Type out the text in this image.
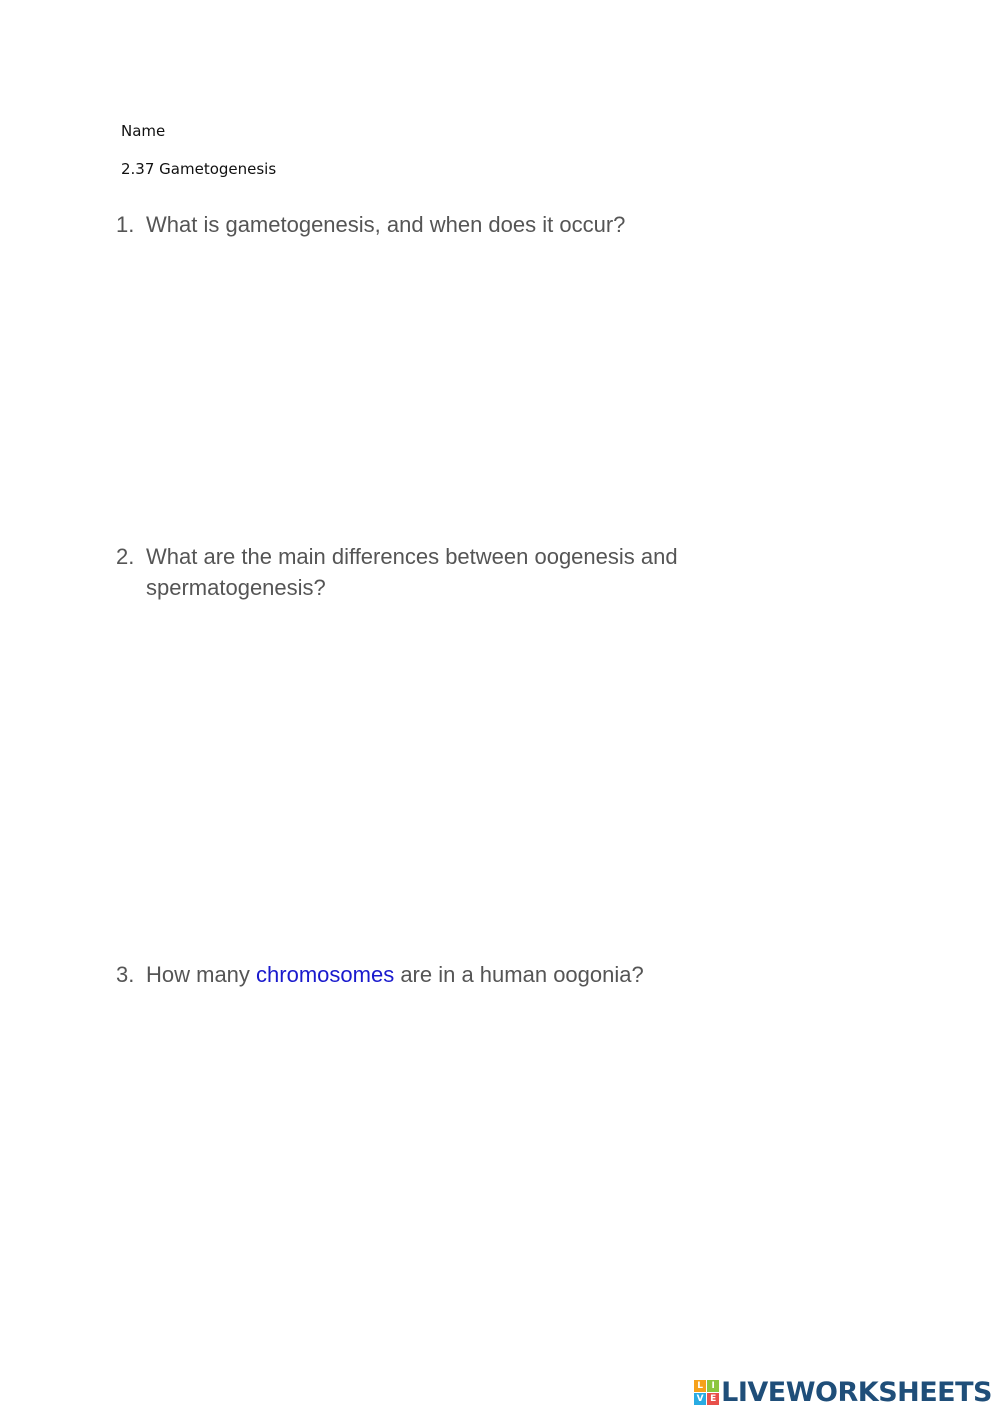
Name
2.37 Gametogenesis
1. What is gametogenesis, and when does it occur?
2. What are the main differences between oogenesis and spermatogenesis?
3. How many chromosomes are in a human oogonia?
L I
V E LIVEWORKSHEETS
